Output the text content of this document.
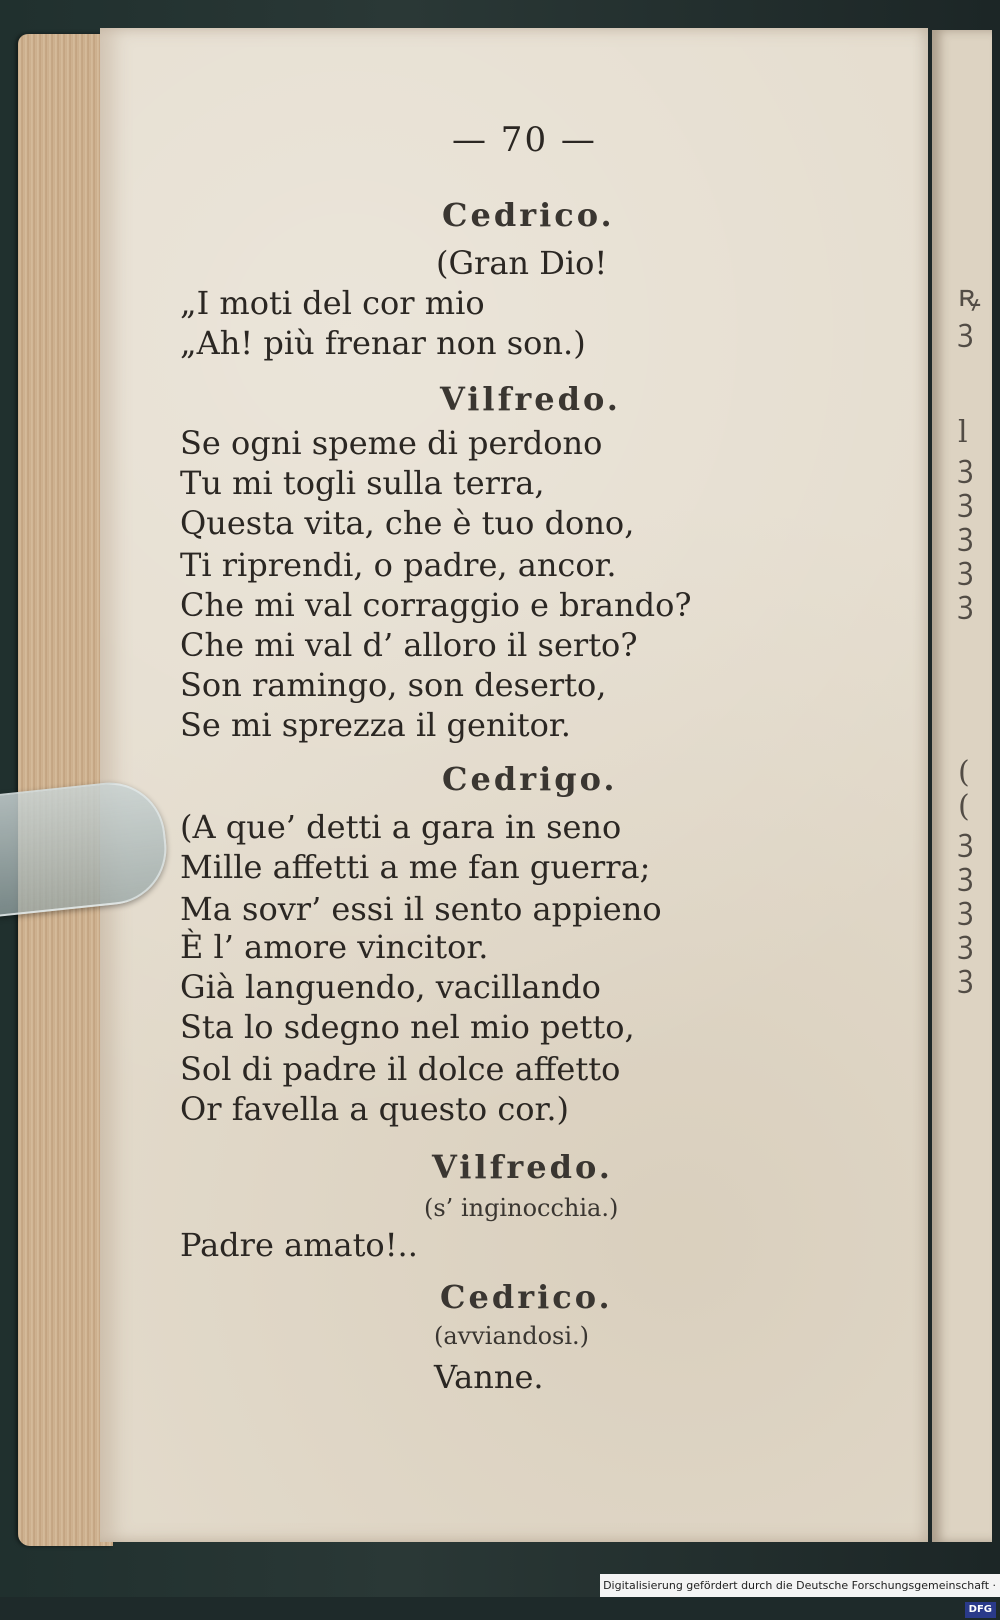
ꝶ
ꝫ

l
ꝫ
ꝫ
ꝫ
ꝫ
ꝫ

(
(
ꝫ
ꝫ
ꝫ
ꝫ
ꝫ
— 70 —
Cedrico.
(Gran Dio!
„I moti del cor mio
„Ah! più frenar non son.)
Vilfredo.
Se ogni speme di perdono
Tu mi togli sulla terra,
Questa vita, che è tuo dono,
Ti riprendi, o padre, ancor.
Che mi val corraggio e brando?
Che mi val d’ alloro il serto?
Son ramingo, son deserto,
Se mi sprezza il genitor.
Cedrigo.
(A que’ detti a gara in seno
Mille affetti a me fan guerra;
Ma sovr’ essi il sento appieno
È l’ amore vincitor.
Già languendo, vacillando
Sta lo sdegno nel mio petto,
Sol di padre il dolce affetto
Or favella a questo cor.)
Vilfredo.
(s’ inginocchia.)
Padre amato!..
Cedrico.
(avviandosi.)
Vanne.
Digitalisierung gefördert durch die Deutsche Forschungsgemeinschaft · DFG
